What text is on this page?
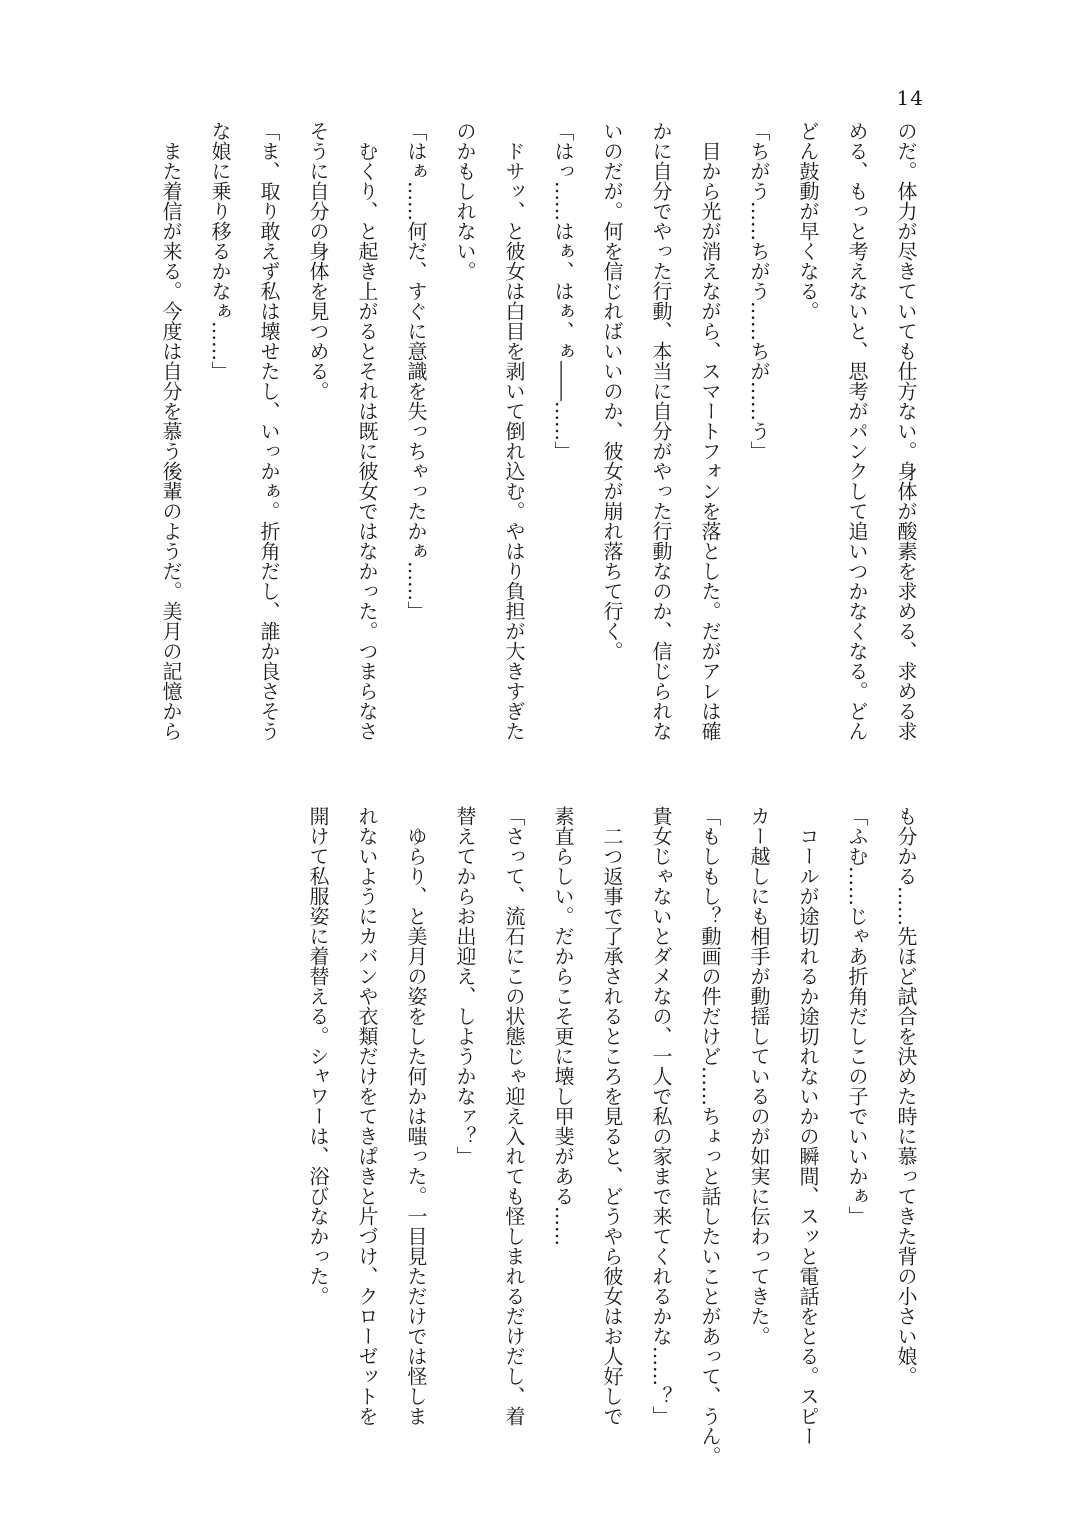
14
のだ。体力が尽きていても仕方ない。身体が酸素を求める、求める求
める、もっと考えないと、思考がパンクして追いつかなくなる。どん
どん鼓動が早くなる。
「ちがう……ちがう……ちが……う」
　目から光が消えながら、スマートフォンを落とした。だがアレは確
かに自分でやった行動、本当に自分がやった行動なのか、信じられな
いのだが。何を信じればいいのか、彼女が崩れ落ちて行く。
「はっ……はぁ、はぁ、ぁ――……」
　ドサッ、と彼女は白目を剥いて倒れ込む。やはり負担が大きすぎた
のかもしれない。
「はぁ……何だ、すぐに意識を失っちゃったかぁ……」
　むくり、と起き上がるとそれは既に彼女ではなかった。つまらなさ
そうに自分の身体を見つめる。
「ま、取り敢えず私は壊せたし、いっかぁ。折角だし、誰か良さそう
な娘に乗り移るかなぁ……」
　また着信が来る。今度は自分を慕う後輩のようだ。美月の記憶から
も分かる……先ほど試合を決めた時に慕ってきた背の小さい娘。
「ふむ……じゃあ折角だしこの子でいいかぁ」
　コールが途切れるか途切れないかの瞬間、スッと電話をとる。スピー
カー越しにも相手が動揺しているのが如実に伝わってきた。
「もしもし？動画の件だけど……ちょっと話したいことがあって、うん。
貴女じゃないとダメなの、一人で私の家まで来てくれるかな……？」
　二つ返事で了承されるところを見ると、どうやら彼女はお人好しで
素直らしい。だからこそ更に壊し甲斐がある……
「さって、流石にこの状態じゃ迎え入れても怪しまれるだけだし、着
替えてからお出迎え、しようかなァ？」
　ゆらり、と美月の姿をした何かは嗤った。一目見ただけでは怪しま
れないようにカバンや衣類だけをてきぱきと片づけ、クローゼットを
開けて私服姿に着替える。シャワーは、浴びなかった。
